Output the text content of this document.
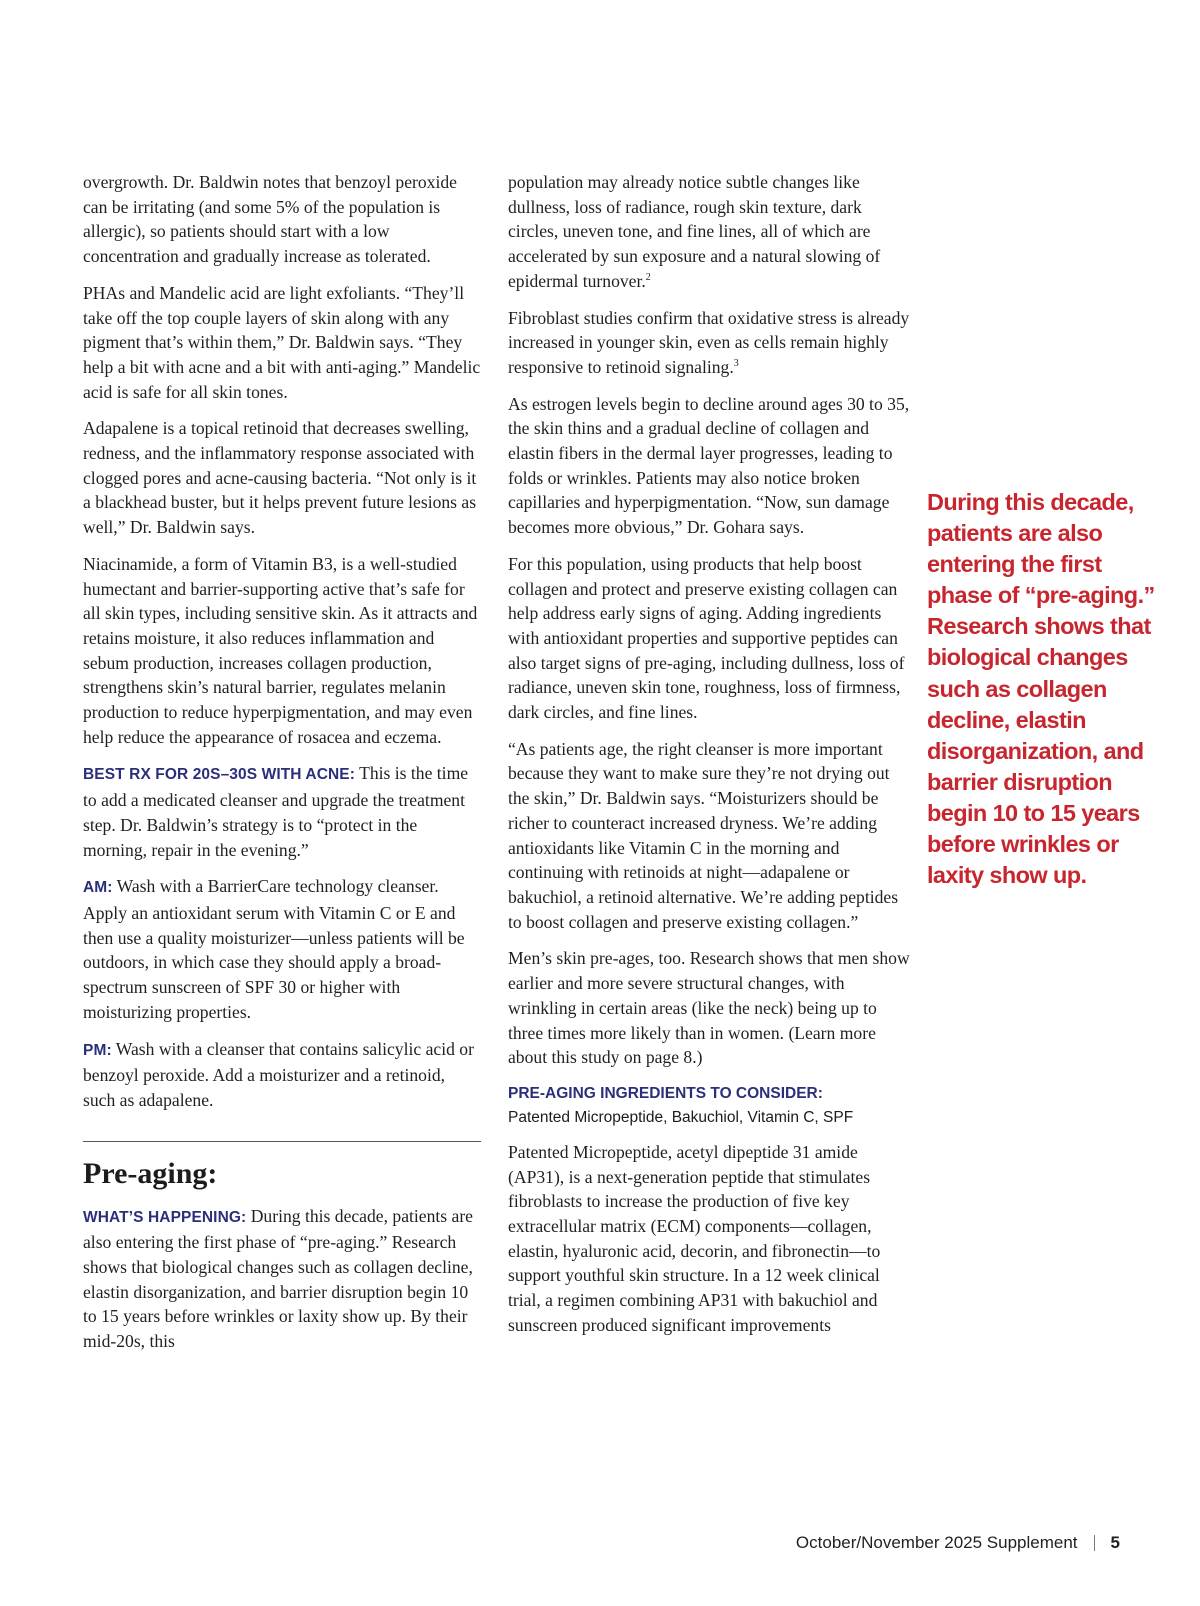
overgrowth. Dr. Baldwin notes that benzoyl peroxide can be irritating (and some 5% of the population is allergic), so patients should start with a low concentration and gradually increase as tolerated.

PHAs and Mandelic acid are light exfoliants. “They’ll take off the top couple layers of skin along with any pigment that’s within them,” Dr. Baldwin says. “They help a bit with acne and a bit with anti-aging.” Mandelic acid is safe for all skin tones.

Adapalene is a topical retinoid that decreases swelling, redness, and the inflammatory response associated with clogged pores and acne-causing bacteria. “Not only is it a blackhead buster, but it helps prevent future lesions as well,” Dr. Baldwin says.

Niacinamide, a form of Vitamin B3, is a well-studied humectant and barrier-supporting active that’s safe for all skin types, including sensitive skin. As it attracts and retains moisture, it also reduces inflammation and sebum production, increases collagen production, strengthens skin’s natural barrier, regulates melanin production to reduce hyperpigmentation, and may even help reduce the appearance of rosacea and eczema.

BEST RX FOR 20S–30S WITH ACNE: This is the time to add a medicated cleanser and upgrade the treatment step. Dr. Baldwin’s strategy is to “protect in the morning, repair in the evening.”

AM: Wash with a BarrierCare technology cleanser. Apply an antioxidant serum with Vitamin C or E and then use a quality moisturizer—unless patients will be outdoors, in which case they should apply a broad-spectrum sunscreen of SPF 30 or higher with moisturizing properties.

PM: Wash with a cleanser that contains salicylic acid or benzoyl peroxide. Add a moisturizer and a retinoid, such as adapalene.

Pre-aging:

WHAT’S HAPPENING: During this decade, patients are also entering the first phase of “pre-aging.” Research shows that biological changes such as collagen decline, elastin disorganization, and barrier disruption begin 10 to 15 years before wrinkles or laxity show up. By their mid-20s, this

population may already notice subtle changes like dullness, loss of radiance, rough skin texture, dark circles, uneven tone, and fine lines, all of which are accelerated by sun exposure and a natural slowing of epidermal turnover.$^2$

Fibroblast studies confirm that oxidative stress is already increased in younger skin, even as cells remain highly responsive to retinoid signaling.$^3$

As estrogen levels begin to decline around ages 30 to 35, the skin thins and a gradual decline of collagen and elastin fibers in the dermal layer progresses, leading to folds or wrinkles. Patients may also notice broken capillaries and hyperpigmentation. “Now, sun damage becomes more obvious,” Dr. Gohara says.

For this population, using products that help boost collagen and protect and preserve existing collagen can help address early signs of aging. Adding ingredients with antioxidant properties and supportive peptides can also target signs of pre-aging, including dullness, loss of radiance, uneven skin tone, roughness, loss of firmness, dark circles, and fine lines.

“As patients age, the right cleanser is more important because they want to make sure they’re not drying out the skin,” Dr. Baldwin says. “Moisturizers should be richer to counteract increased dryness. We’re adding antioxidants like Vitamin C in the morning and continuing with retinoids at night—adapalene or bakuchiol, a retinoid alternative. We’re adding peptides to boost collagen and preserve existing collagen.”

Men’s skin pre-ages, too. Research shows that men show earlier and more severe structural changes, with wrinkling in certain areas (like the neck) being up to three times more likely than in women. (Learn more about this study on page 8.)

PRE-AGING INGREDIENTS TO CONSIDER:

Patented Micropeptide, Bakuchiol, Vitamin C, SPF

Patented Micropeptide, acetyl dipeptide 31 amide (AP31), is a next-generation peptide that stimulates fibroblasts to increase the production of five key extracellular matrix (ECM) components—collagen, elastin, hyaluronic acid, decorin, and fibronectin—to support youthful skin structure. In a 12 week clinical trial, a regimen combining AP31 with bakuchiol and sunscreen produced significant improvements

During this decade, patients are also entering the first phase of “pre-aging.” Research shows that biological changes such as collagen decline, elastin disorganization, and barrier disruption begin 10 to 15 years before wrinkles or laxity show up.

October/November 2025 Supplement 5
